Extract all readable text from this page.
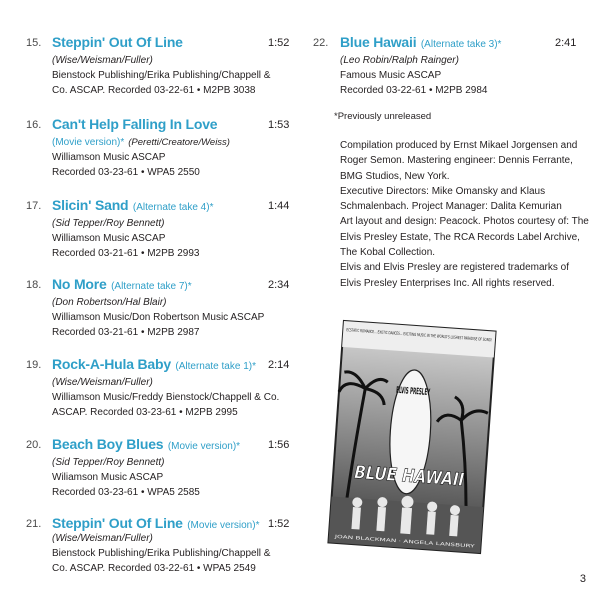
15. Steppin' Out Of Line	1:52
(Wise/Weisman/Fuller)
Bienstock Publishing/Erika Publishing/Chappell &
Co. ASCAP. Recorded 03-22-61 • M2PB 3038
16. Can't Help Falling In Love	1:53
(Movie version)* (Peretti/Creatore/Weiss)
Williamson Music ASCAP
Recorded 03-23-61 • WPA5 2550
17. Slicin' Sand (Alternate take 4)*	1:44
(Sid Tepper/Roy Bennett)
Williamson Music ASCAP
Recorded 03-21-61 • M2PB 2993
18. No More (Alternate take 7)*	2:34
(Don Robertson/Hal Blair)
Williamson Music/Don Robertson Music ASCAP
Recorded 03-21-61 • M2PB 2987
19. Rock-A-Hula Baby (Alternate take 1)* 2:14
(Wise/Weisman/Fuller)
Williamson Music/Freddy Bienstock/Chappell & Co.
ASCAP. Recorded 03-23-61 • M2PB 2995
20. Beach Boy Blues (Movie version)*	1:56
(Sid Tepper/Roy Bennett)
Wiliamson Music ASCAP
Recorded 03-23-61 • WPA5 2585
21. Steppin' Out Of Line (Movie version)* 1:52
(Wise/Weisman/Fuller)
Bienstock Publishing/Erika Publishing/Chappell &
Co. ASCAP. Recorded 03-22-61 • WPA5 2549
22. Blue Hawaii (Alternate take 3)*	2:41
(Leo Robin/Ralph Rainger)
Famous Music ASCAP
Recorded 03-22-61 • M2PB 2984
*Previously unreleased

Compilation produced by Ernst Mikael Jorgensen and Roger Semon. Mastering engineer: Dennis Ferrante, BMG Studios, New York.

Executive Directors: Mike Omansky and Klaus Schmalenbach. Project Manager: Dalita Kemurian

Art layout and design: Peacock. Photos courtesy of: The Elvis Presley Estate, The RCA Records Label Archive, The Kobal Collection.

Elvis and Elvis Presley are registered trademarks of Elvis Presley Enterprises Inc. All rights reserved.

ECSTATIC ROMANCE... EXOTIC DANCES... EXCITING MUSIC IN THE WORLD'S LUSHEST PARADISE OF SONG!
BLUE HAWAII
JOAN BLACKMAN · ANGELA LANSBURY
3
